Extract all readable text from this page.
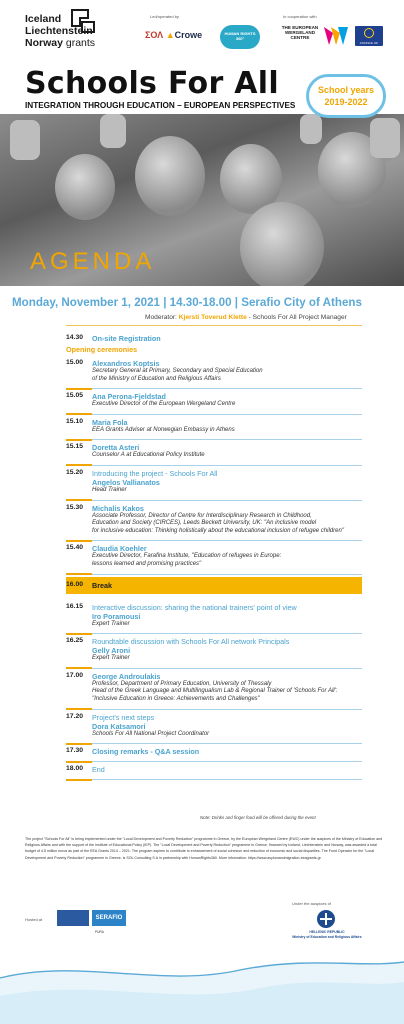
Iceland
Liechtenstein
Norway grants
Led/operated by
ΣΟΛ ▲Crowe	HUMAN RIGHTS 360°
In cooperation with
THE EUROPEAN WERGELAND CENTRE
COUNCIL OF EUROPE
Schools For All
INTEGRATION THROUGH EDUCATION – EUROPEAN PERSPECTIVES
School years
2019-2022
AGENDA
Monday, November 1, 2021 | 14.30-18.00 | Serafio City of Athens
Moderator: Kjersti Toverud Klette - Schools For All Project Manager
14.30	On-site Registration
Opening ceremonies
15.00	Alexandros Koptsis
Secretary General at Primary, Secondary and Special Education
of the Ministry of Education and Religious Affairs
15.05	Ana Perona-Fjeldstad
Executive Director of the European Wergeland Centre
15.10	Maria Fola
EEA Grants Adviser at Norwegian Embassy in Athens
15.15	Doretta Asteri
Counselor A at Educational Policy Institute
15.20	Introducing the project - Schools For All
Angelos Vallianatos
Head Trainer
15.30	Michalis Kakos
Associate Professor, Director of Centre for Interdisciplinary Research in Childhood,
Education and Society (CIRCES), Leeds Beckett University, UK: "An inclusive model
for inclusive education: Thinking holistically about the educational inclusion of refugee children"
15.40	Claudia Koehler
Executive Director, Farafina Institute, "Education of refugees in Europe:
lessons learned and promising practices"
16.00	Break
16.15	Interactive discussion: sharing the national trainers' point of view
Iro Poramousi
Expert Trainer
16.25	Roundtable discussion with Schools For All network Principals
Gelly Aroni
Expert Trainer
17.00	George Androulakis
Professor, Department of Primary Education, University of Thessaly
Head of the Greek Language and Multilingualism Lab & Regional Trainer of 'Schools For All':
"Inclusive Education in Greece: Achievements and Challenges"
17.20	Project's next steps
Dora Katsamori
Schools For All National Project Coordinator
17.30	Closing remarks - Q&A session
18.00	End
Note: Drinks and finger food will be offered during the event
The project "Schools For All" is being implemented under the "Local Development and Poverty Reduction" programme in Greece, by the European Wergeland Centre (EWC) under the auspices of the Ministry of Education and Religious Affairs and with the support of the Institute of Educational Policy (IEP). The "Local Development and Poverty Reduction" programme in Greece, financed by Iceland, Liechtenstein and Norway, was awarded a total budget of 4.5 million euros as part of the EEA Grants 2014 – 2021. The program aspires to contribute to enhancement of social cohesion and reduction of economic and social disparities. The Fund Operator for the "Local Development and Poverty Reduction" programme in Greece, is SOL Consulting S.A in partnership with HumanRights360. More information: https://www.asylumandmigration-eeagrants.gr
Hosted at	SERAFIO
PURA
Under the auspices of
HELLENIC REPUBLIC
Ministry of Education and Religious Affairs
